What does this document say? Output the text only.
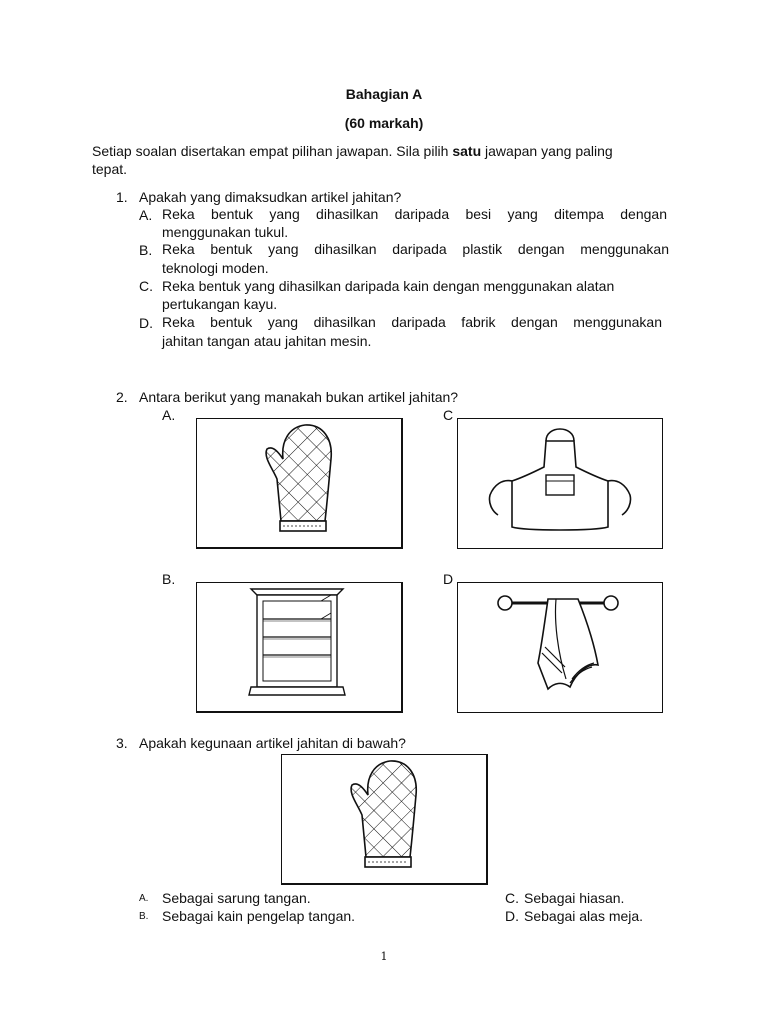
Bahagian A
(60 markah)
Setiap soalan disertakan empat pilihan jawapan. Sila pilih satu jawapan yang paling
tepat.
1. Apakah yang dimaksudkan artikel jahitan?
A. Reka bentuk yang dihasilkan daripada besi yang ditempa dengan
menggunakan tukul.
B. Reka bentuk yang dihasilkan daripada plastik dengan menggunakan
teknologi moden.
C. Reka bentuk yang dihasilkan daripada kain dengan menggunakan alatan
pertukangan kayu.
D. Reka bentuk yang dihasilkan daripada fabrik dengan menggunakan
jahitan tangan atau jahitan mesin.
2. Antara berikut yang manakah bukan artikel jahitan?
A.	C
B.	D
3. Apakah kegunaan artikel jahitan di bawah?
A. Sebagai sarung tangan.
B. Sebagai kain pengelap tangan.
C. Sebagai hiasan.
D. Sebagai alas meja.
1
